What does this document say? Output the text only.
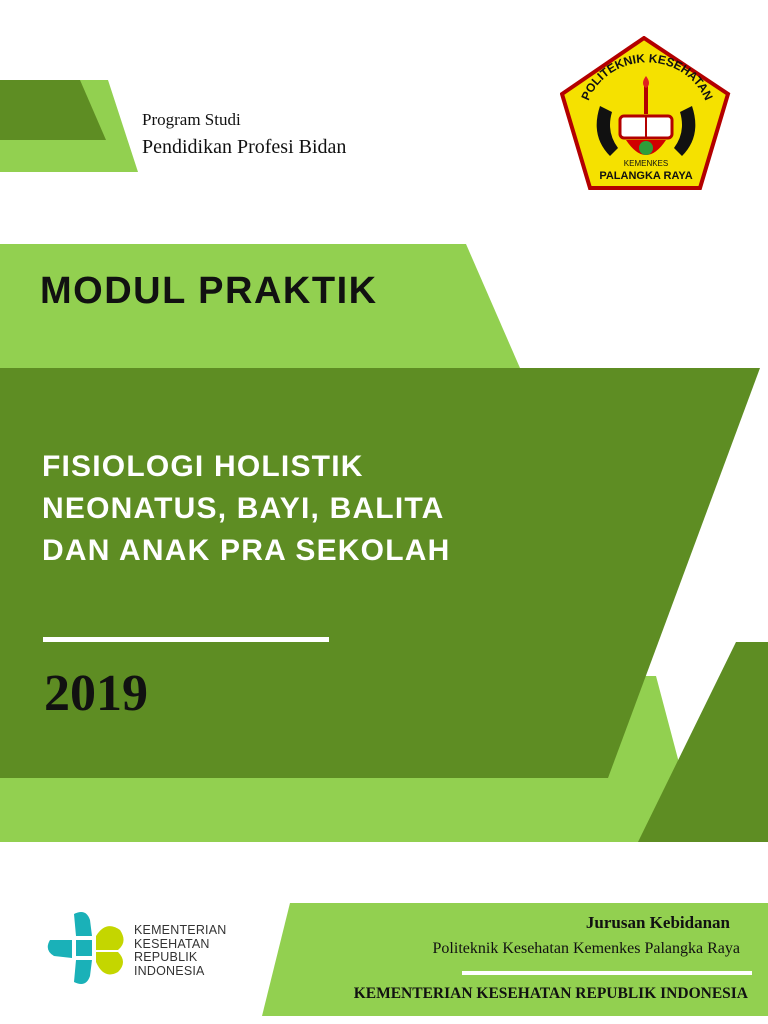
Program Studi
Pendidikan Profesi Bidan
POLITEKNIK KESEHATAN
KEMENKES
PALANGKA RAYA
MODUL PRAKTIK
FISIOLOGI HOLISTIK
NEONATUS, BAYI, BALITA
DAN ANAK PRA SEKOLAH
2019
KEMENTERIAN
KESEHATAN
REPUBLIK
INDONESIA
Jurusan Kebidanan
Politeknik Kesehatan Kemenkes Palangka Raya
KEMENTERIAN KESEHATAN REPUBLIK INDONESIA
